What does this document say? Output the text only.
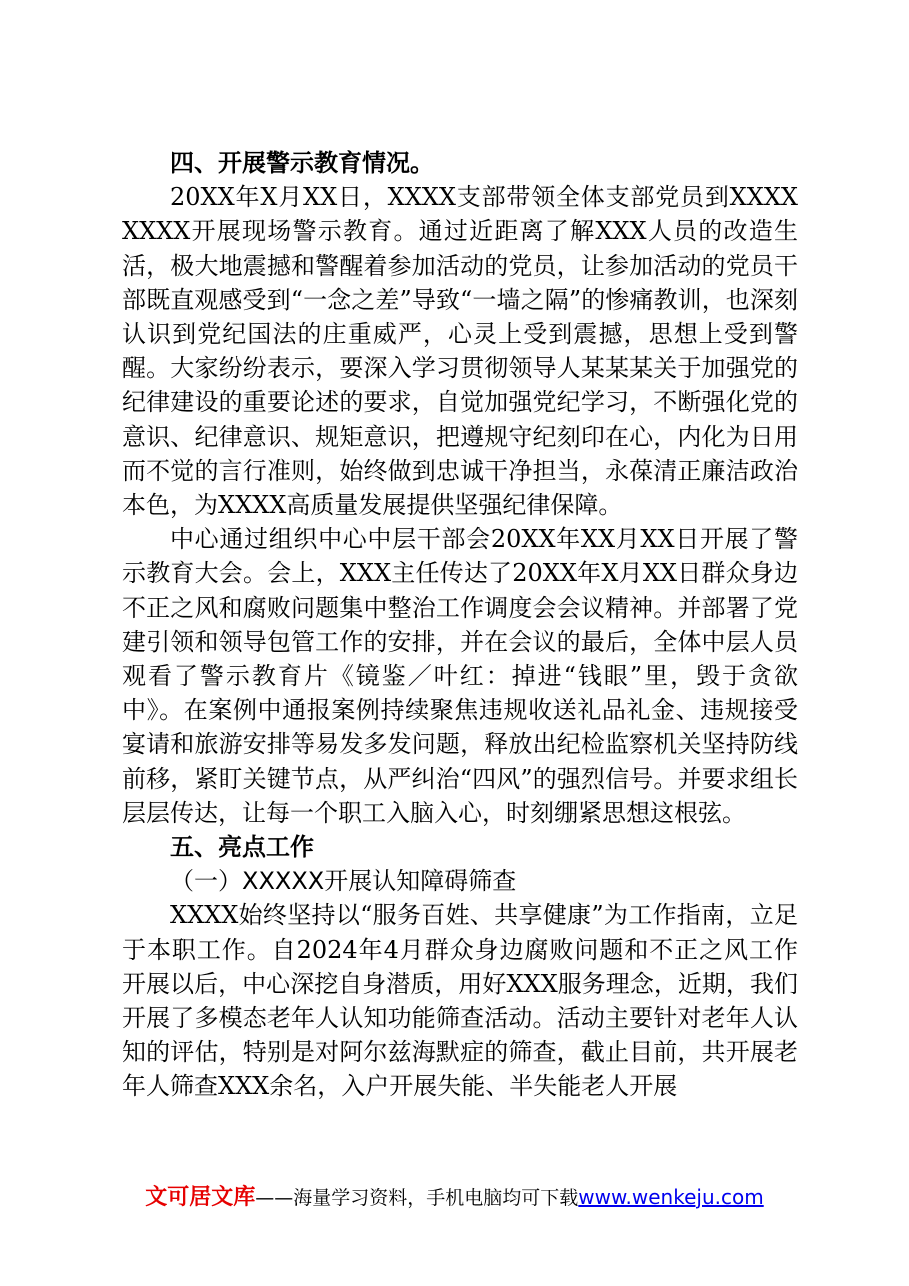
四、开展警示教育情况。

20XX年X月XX日，XXXX支部带领全体支部党员到XXXXXXXX开展现场警示教育。通过近距离了解XXX人员的改造生活，极大地震撼和警醒着参加活动的党员，让参加活动的党员干部既直观感受到“一念之差”导致“一墙之隔”的惨痛教训，也深刻认识到党纪国法的庄重威严，心灵上受到震撼，思想上受到警醒。大家纷纷表示，要深入学习贯彻领导人某某某关于加强党的纪律建设的重要论述的要求，自觉加强党纪学习，不断强化党的意识、纪律意识、规矩意识，把遵规守纪刻印在心，内化为日用而不觉的言行准则，始终做到忠诚干净担当，永葆清正廉洁政治本色，为XXXX高质量发展提供坚强纪律保障。

中心通过组织中心中层干部会20XX年XX月XX日开展了警示教育大会。会上，XXX主任传达了20XX年X月XX日群众身边不正之风和腐败问题集中整治工作调度会会议精神。并部署了党建引领和领导包管工作的安排，并在会议的最后，全体中层人员观看了警示教育片《镜鉴／叶红：掉进“钱眼”里，毁于贪欲中》。在案例中通报案例持续聚焦违规收送礼品礼金、违规接受宴请和旅游安排等易发多发问题，释放出纪检监察机关坚持防线前移，紧盯关键节点，从严纠治“四风”的强烈信号。并要求组长层层传达，让每一个职工入脑入心，时刻绷紧思想这根弦。

五、亮点工作

（一）XXXXX开展认知障碍筛查

XXXX始终坚持以“服务百姓、共享健康”为工作指南，立足于本职工作。自2024年4月群众身边腐败问题和不正之风工作开展以后，中心深挖自身潜质，用好XXX服务理念，近期，我们开展了多模态老年人认知功能筛查活动。活动主要针对老年人认知的评估，特别是对阿尔兹海默症的筛查，截止目前，共开展老年人筛查XXX余名，入户开展失能、半失能老人开展

文可居文库——海量学习资料，手机电脑均可下载www.wenkeju.com
